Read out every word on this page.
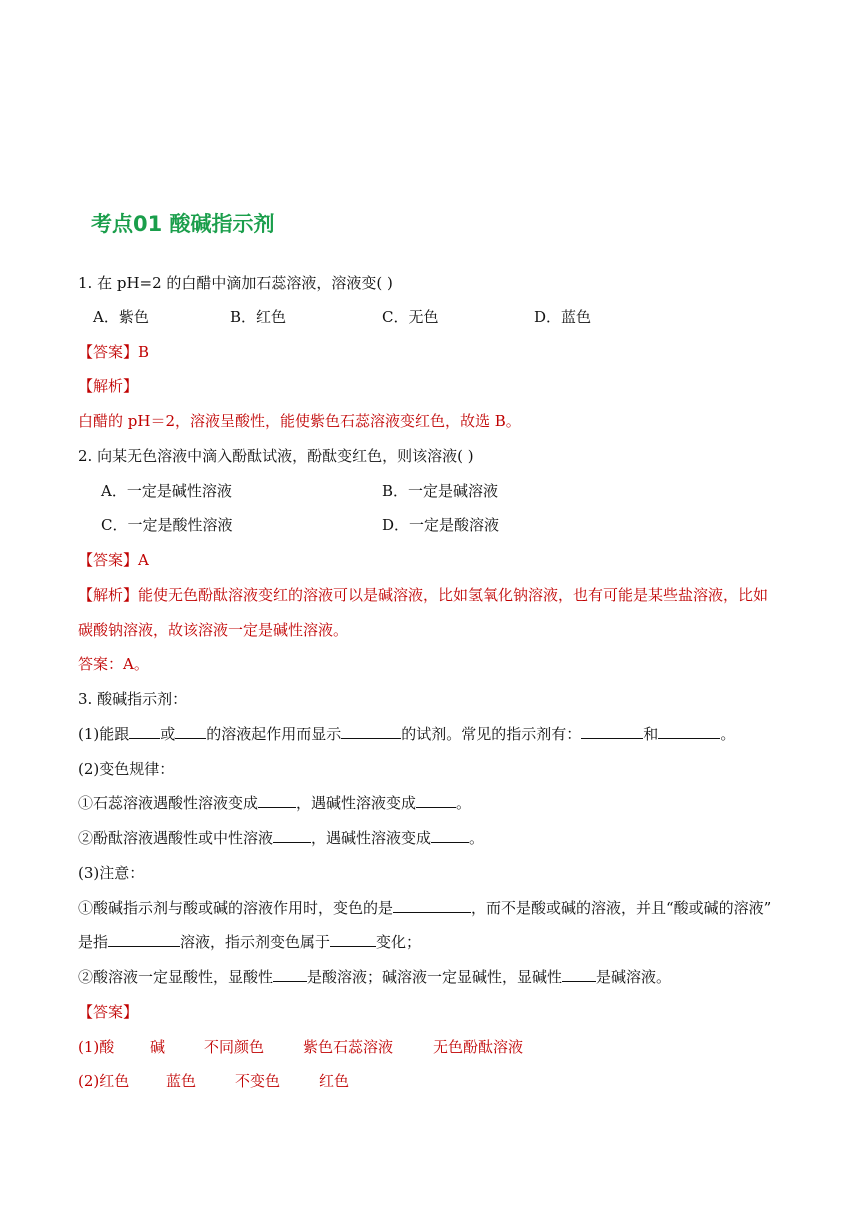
考点01 酸碱指示剂
1. 在 pH=2 的白醋中滴加石蕊溶液，溶液变( )
A．紫色	B．红色	C．无色	D．蓝色
【答案】B
【解析】
白醋的 pH＝2，溶液呈酸性，能使紫色石蕊溶液变红色，故选 B。
2. 向某无色溶液中滴入酚酞试液，酚酞变红色，则该溶液( )
A．一定是碱性溶液	B．一定是碱溶液
C．一定是酸性溶液	D．一定是酸溶液
【答案】A
【解析】能使无色酚酞溶液变红的溶液可以是碱溶液，比如氢氧化钠溶液，也有可能是某些盐溶液，比如
碳酸钠溶液，故该溶液一定是碱性溶液。
答案：A。
3. 酸碱指示剂：
(1)能跟 或 的溶液起作用而显示	的试剂。常见的指示剂有：	和	。
(2)变色规律：
①石蕊溶液遇酸性溶液变成	，遇碱性溶液变成	。
②酚酞溶液遇酸性或中性溶液	，遇碱性溶液变成	。
(3)注意：
①酸碱指示剂与酸或碱的溶液作用时，变色的是	，而不是酸或碱的溶液，并且“酸或碱的溶液”
是指	溶液，指示剂变色属于	变化；
②酸溶液一定显酸性，显酸性 是酸溶液；碱溶液一定显碱性，显碱性 是碱溶液。
【答案】
(1)酸 碱	不同颜色	紫色石蕊溶液	无色酚酞溶液
(2)红色 蓝色	不变色	红色
